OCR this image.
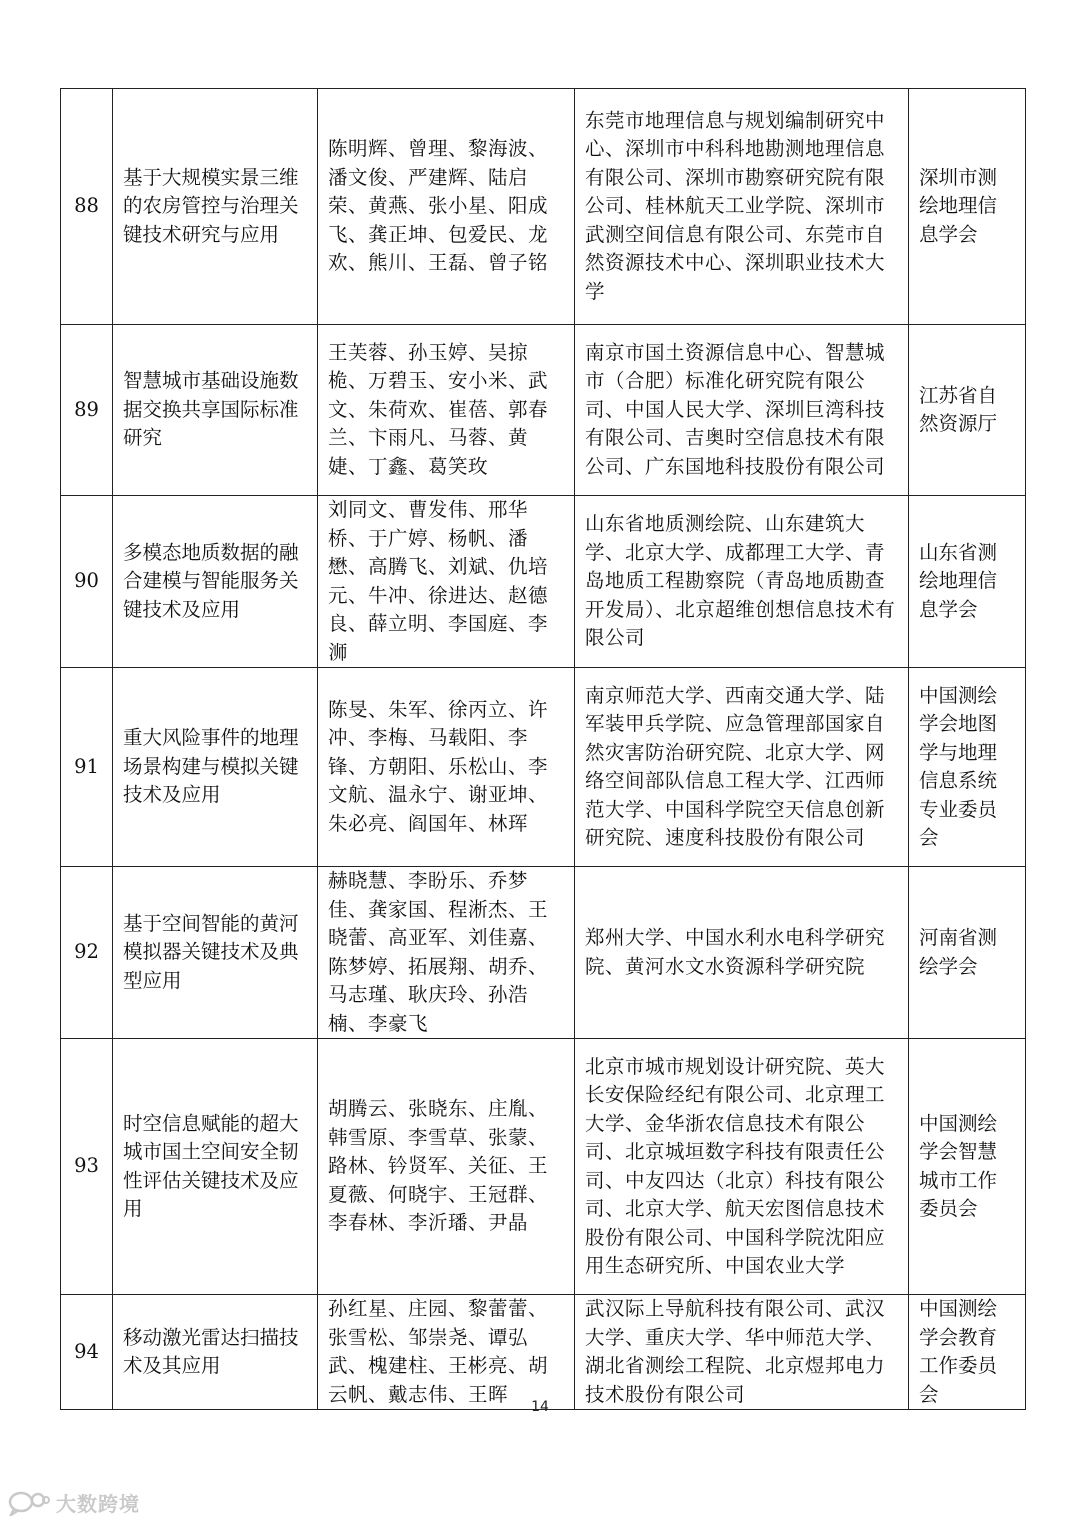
88	基于大规模实景三维的农房管控与治理关键技术研究与应用	陈明辉、曾理、黎海波、潘文俊、严建辉、陆启荣、黄燕、张小星、阳成飞、龚正坤、包爱民、龙欢、熊川、王磊、曾子铭	东莞市地理信息与规划编制研究中心、深圳市中科科地勘测地理信息有限公司、深圳市勘察研究院有限公司、桂林航天工业学院、深圳市武测空间信息有限公司、东莞市自然资源技术中心、深圳职业技术大学	深圳市测绘地理信息学会
89	智慧城市基础设施数据交换共享国际标准研究	王芙蓉、孙玉婷、吴掠桅、万碧玉、安小米、武文、朱荷欢、崔蓓、郭春兰、卞雨凡、马蓉、黄婕、丁鑫、葛笑玫	南京市国土资源信息中心、智慧城市（合肥）标准化研究院有限公司、中国人民大学、深圳巨湾科技有限公司、吉奥时空信息技术有限公司、广东国地科技股份有限公司	江苏省自然资源厅
90	多模态地质数据的融合建模与智能服务关键技术及应用	刘同文、曹发伟、邢华桥、于广婷、杨帆、潘懋、高腾飞、刘斌、仇培元、牛冲、徐进达、赵德良、薛立明、李国庭、李浉	山东省地质测绘院、山东建筑大学、北京大学、成都理工大学、青岛地质工程勘察院（青岛地质勘查开发局）、北京超维创想信息技术有限公司	山东省测绘地理信息学会
91	重大风险事件的地理场景构建与模拟关键技术及应用	陈旻、朱军、徐丙立、许冲、李梅、马载阳、李锋、方朝阳、乐松山、李文航、温永宁、谢亚坤、朱必亮、阎国年、林珲	南京师范大学、西南交通大学、陆军装甲兵学院、应急管理部国家自然灾害防治研究院、北京大学、网络空间部队信息工程大学、江西师范大学、中国科学院空天信息创新研究院、速度科技股份有限公司	中国测绘学会地图学与地理信息系统专业委员会
92	基于空间智能的黄河模拟器关键技术及典型应用	赫晓慧、李盼乐、乔梦佳、龚家国、程淅杰、王晓蕾、高亚军、刘佳嘉、陈梦婷、拓展翔、胡乔、马志瑾、耿庆玲、孙浩楠、李豪飞	郑州大学、中国水利水电科学研究院、黄河水文水资源科学研究院	河南省测绘学会
93	时空信息赋能的超大城市国土空间安全韧性评估关键技术及应用	胡腾云、张晓东、庄胤、韩雪原、李雪草、张蒙、路林、钤贤军、关征、王夏薇、何晓宇、王冠群、李春林、李沂璠、尹晶	北京市城市规划设计研究院、英大长安保险经纪有限公司、北京理工大学、金华浙农信息技术有限公司、北京城垣数字科技有限责任公司、中友四达（北京）科技有限公司、北京大学、航天宏图信息技术股份有限公司、中国科学院沈阳应用生态研究所、中国农业大学	中国测绘学会智慧城市工作委员会
94	移动激光雷达扫描技术及其应用	孙红星、庄园、黎蕾蕾、张雪松、邹崇尧、谭弘武、槐建柱、王彬亮、胡云帆、戴志伟、王晖	武汉际上导航科技有限公司、武汉大学、重庆大学、华中师范大学、湖北省测绘工程院、北京煜邦电力技术股份有限公司	中国测绘学会教育工作委员会
14
大数跨境
